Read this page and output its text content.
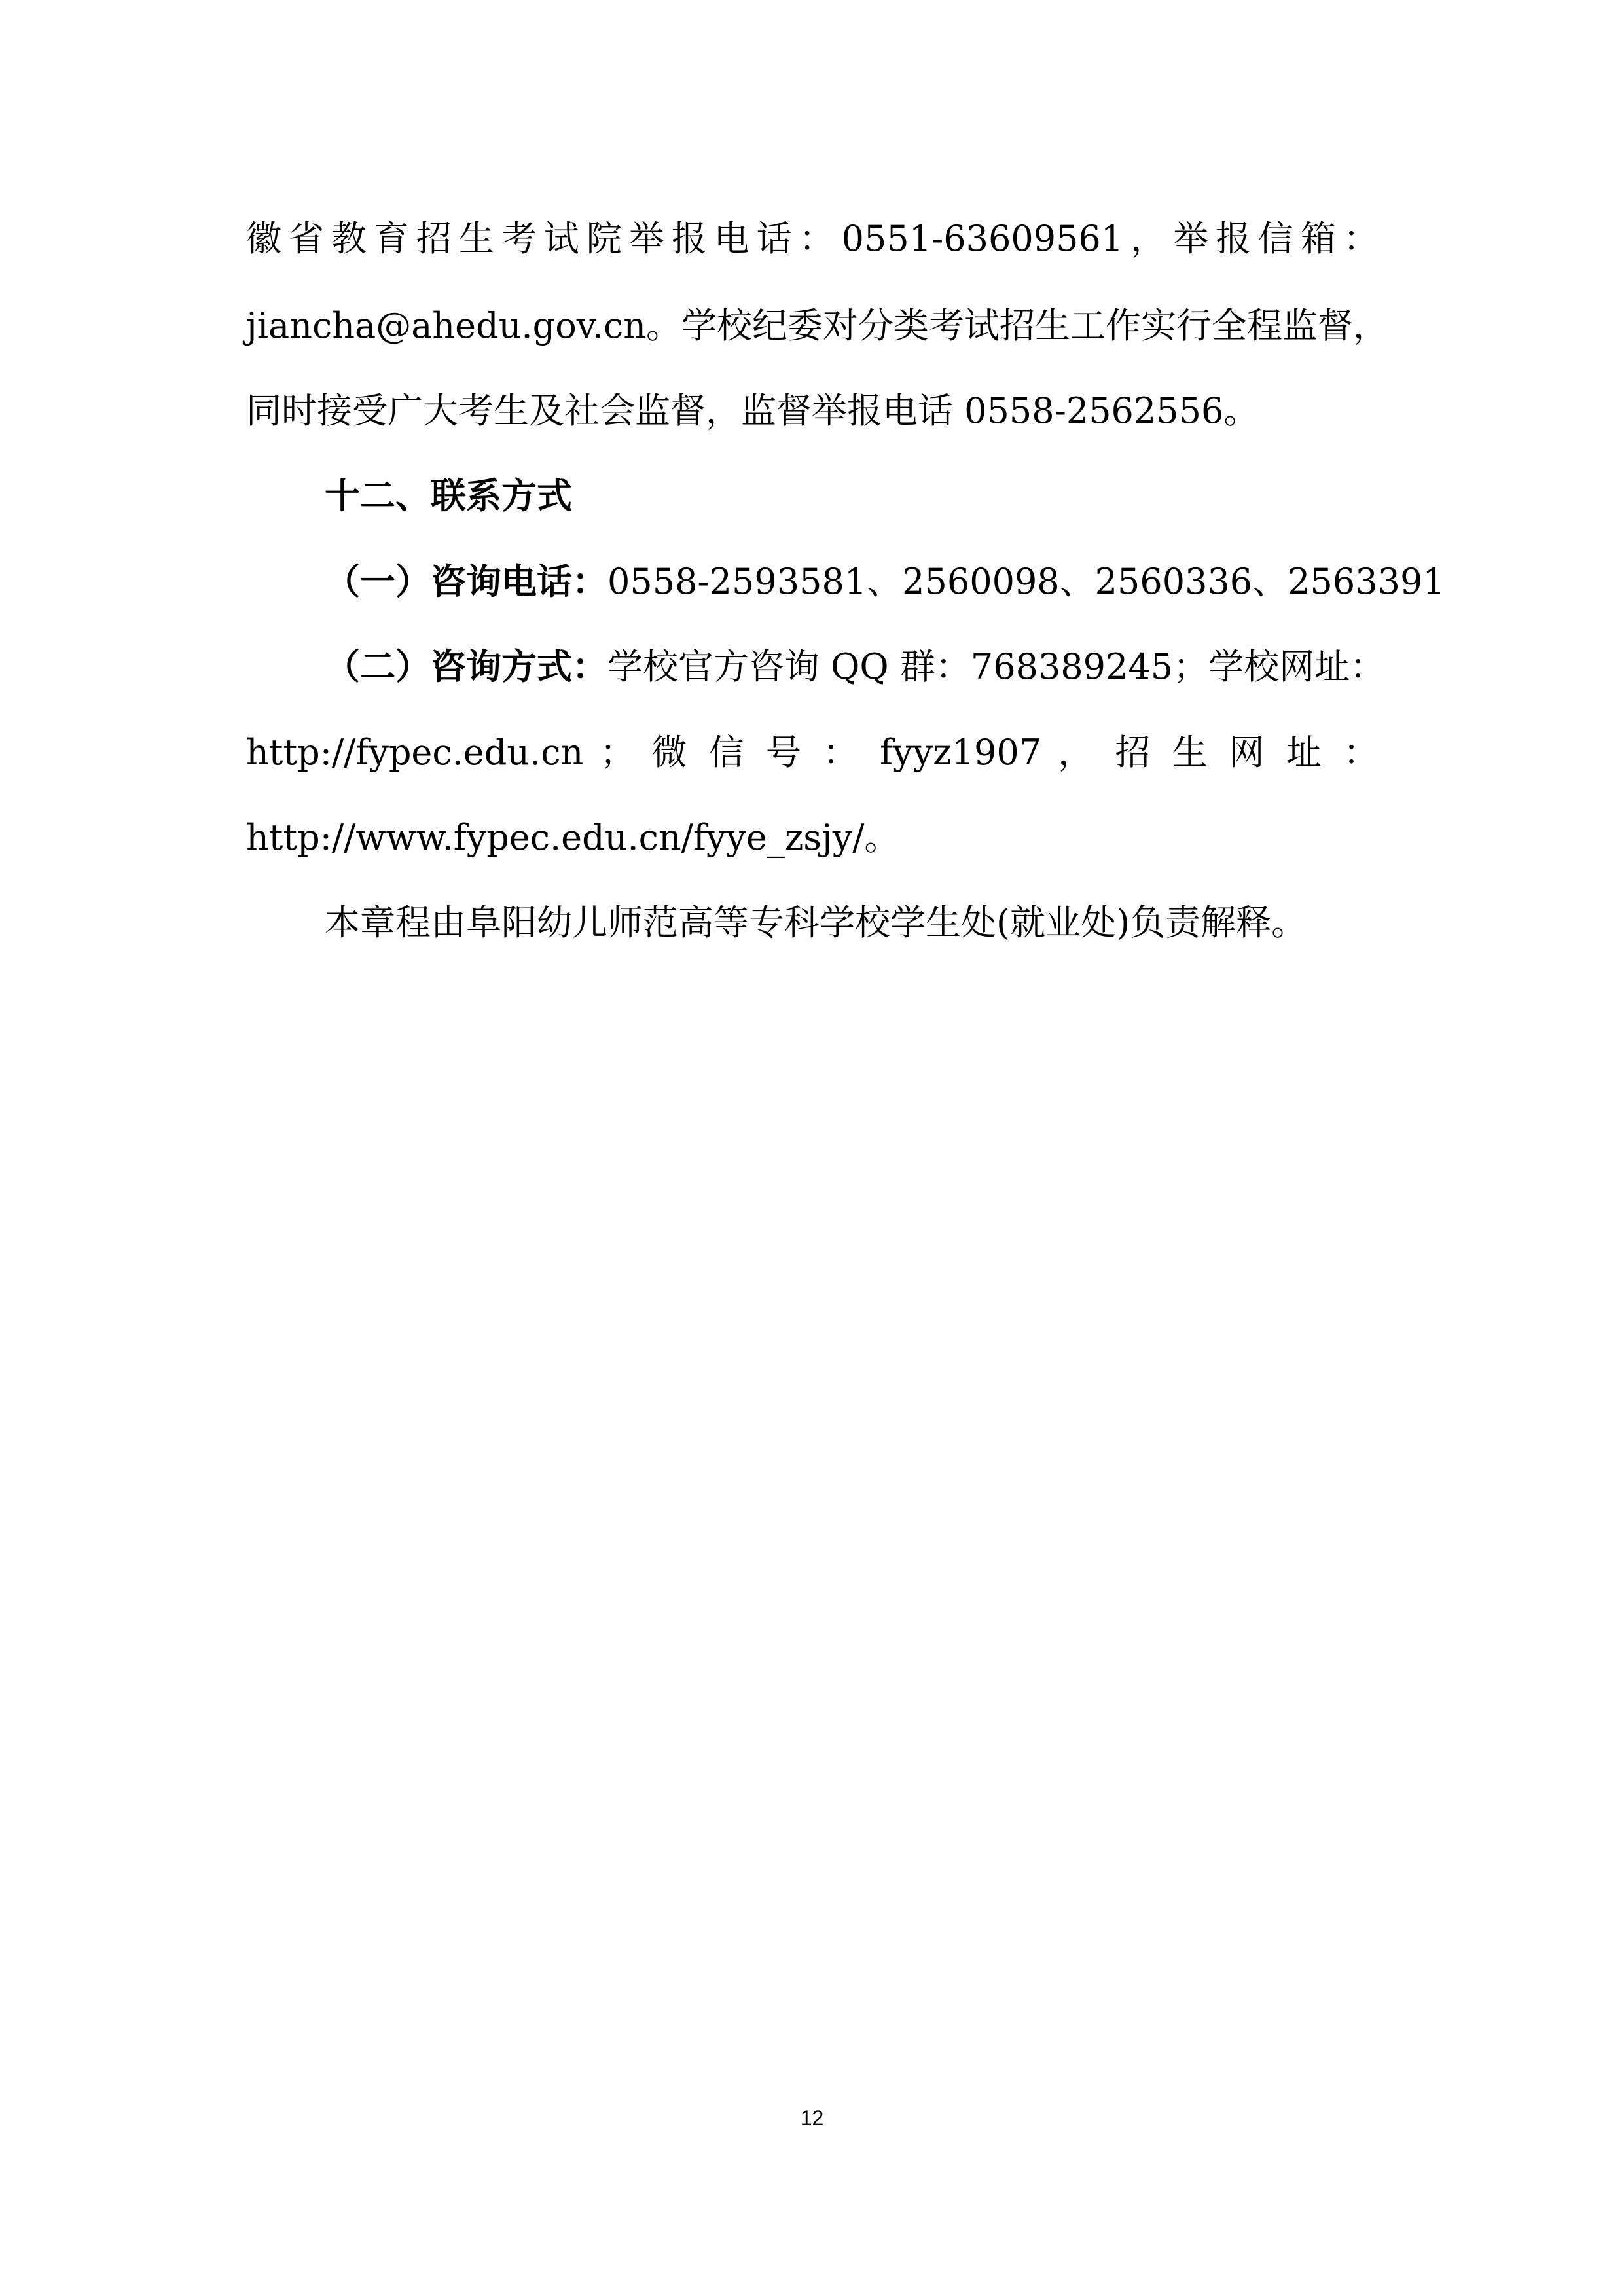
徽省教育招生考试院举报电话：0551-63609561，举报信箱：
jiancha@ahedu.gov.cn。学校纪委对分类考试招生工作实行全程监督，
同时接受广大考生及社会监督，监督举报电话 0558-2562556。
十二、联系方式
（一）咨询电话：0558-2593581、2560098、2560336、2563391
（二）咨询方式：学校官方咨询 QQ 群：768389245；学校网址：
http://fypec.edu.cn ； 微 信 号 ： fyyz1907 ， 招 生 网 址 ：
http://www.fypec.edu.cn/fyye_zsjy/。
本章程由阜阳幼儿师范高等专科学校学生处(就业处)负责解释。
12
